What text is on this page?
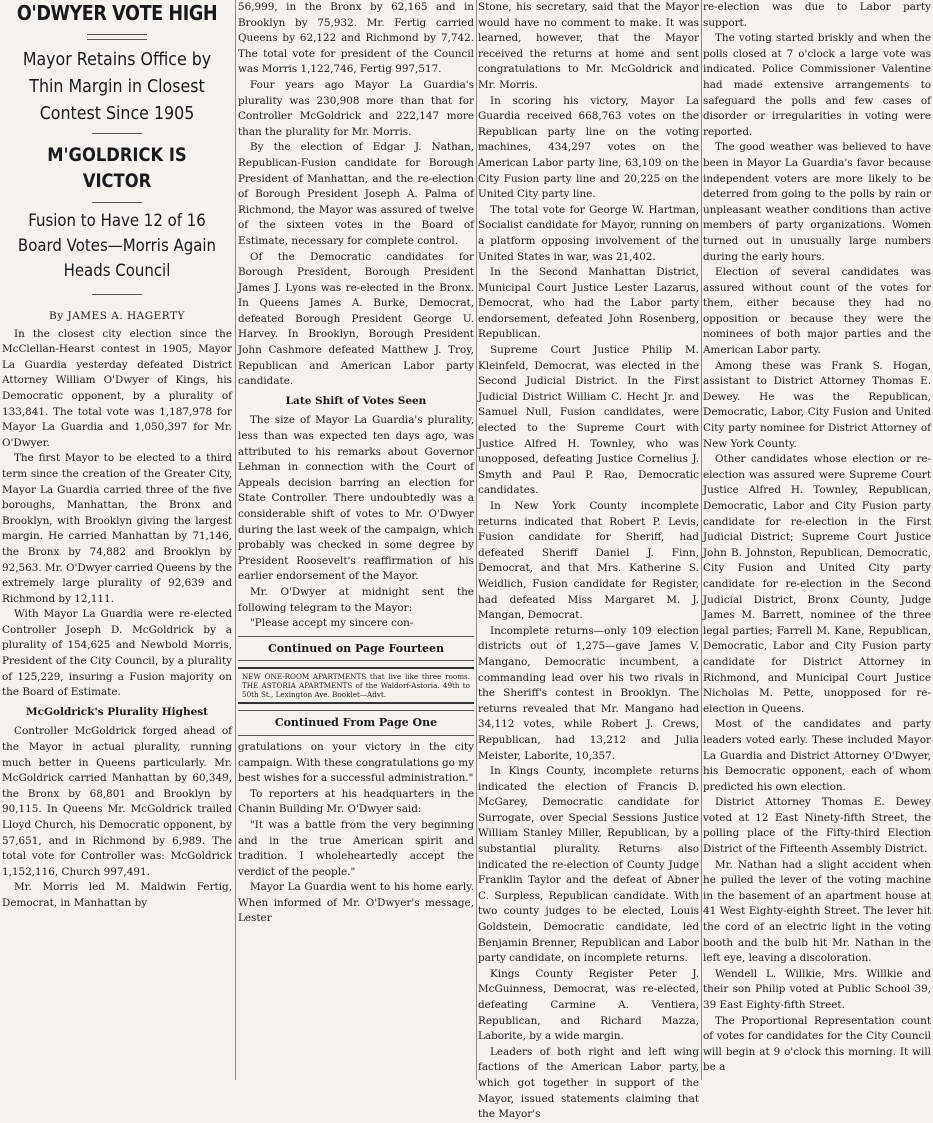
O'DWYER VOTE HIGH
Mayor Retains Office by Thin Margin in Closest Contest Since 1905
M'GOLDRICK IS VICTOR
Fusion to Have 12 of 16 Board Votes—Morris Again Heads Council

By JAMES A. HAGERTY

In the closest city election since the McClellan-Hearst contest in 1905, Mayor La Guardia yesterday defeated District Attorney William O'Dwyer of Kings, his Democratic opponent, by a plurality of 133,841. The total vote was 1,187,978 for Mayor La Guardia and 1,050,397 for Mr. O'Dwyer.

The first Mayor to be elected to a third term since the creation of the Greater City, Mayor La Guardia carried three of the five boroughs, Manhattan, the Bronx and Brooklyn, with Brooklyn giving the largest margin. He carried Manhattan by 71,146, the Bronx by 74,882 and Brooklyn by 92,563. Mr. O'Dwyer carried Queens by the extremely large plurality of 92,639 and Richmond by 12,111.

With Mayor La Guardia were re-elected Controller Joseph D. McGoldrick by a plurality of 154,625 and Newbold Morris, President of the City Council, by a plurality of 125,229, insuring a Fusion majority on the Board of Estimate.

McGoldrick's Plurality Highest

Controller McGoldrick forged ahead of the Mayor in actual plurality, running much better in Queens particularly. Mr. McGoldrick carried Manhattan by 60,349, the Bronx by 68,801 and Brooklyn by 90,115. In Queens Mr. McGoldrick trailed Lloyd Church, his Democratic opponent, by 57,651, and in Richmond by 6,989. The total vote for Controller was: McGoldrick 1,152,116, Church 997,491.

Mr. Morris led M. Maldwin Fertig, Democrat, in Manhattan by

56,999, in the Bronx by 62,165 and in Brooklyn by 75,932. Mr. Fertig carried Queens by 62,122 and Richmond by 7,742. The total vote for president of the Council was Morris 1,122,746, Fertig 997,517.

Four years ago Mayor La Guardia's plurality was 230,908 more than that for Controller McGoldrick and 222,147 more than the plurality for Mr. Morris.

By the election of Edgar J. Nathan, Republican-Fusion candidate for Borough President of Manhattan, and the re-election of Borough President Joseph A. Palma of Richmond, the Mayor was assured of twelve of the sixteen votes in the Board of Estimate, necessary for complete control.

Of the Democratic candidates for Borough President, Borough President James J. Lyons was re-elected in the Bronx. In Queens James A. Burke, Democrat, defeated Borough President George U. Harvey. In Brooklyn, Borough President John Cashmore defeated Matthew J. Troy, Republican and American Labor party candidate.

Late Shift of Votes Seen

The size of Mayor La Guardia's plurality, less than was expected ten days ago, was attributed to his remarks about Governor Lehman in connection with the Court of Appeals decision barring an election for State Controller. There undoubtedly was a considerable shift of votes to Mr. O'Dwyer during the last week of the campaign, which probably was checked in some degree by President Roosevelt's reaffirmation of his earlier endorsement of the Mayor.

Mr. O'Dwyer at midnight sent the following telegram to the Mayor:

"Please accept my sincere con-

Continued on Page Fourteen

NEW ONE-ROOM APARTMENTS that live like three rooms. THE ASTORIA APARTMENTS of the Waldorf-Astoria. 49th to 50th St., Lexington Ave. Booklet—Advt.

Continued From Page One

gratulations on your victory in the city campaign. With these congratulations go my best wishes for a successful administration."

To reporters at his headquarters in the Chanin Building Mr. O'Dwyer said:

"It was a battle from the very beginning and in the true American spirit and tradition. I wholeheartedly accept the verdict of the people."

Mayor La Guardia went to his home early. When informed of Mr. O'Dwyer's message, Lester

Stone, his secretary, said that the Mayor would have no comment to make. It was learned, however, that the Mayor received the returns at home and sent congratulations to Mr. McGoldrick and Mr. Morris.

In scoring his victory, Mayor La Guardia received 668,763 votes on the Republican party line on the voting machines, 434,297 votes on the American Labor party line, 63,109 on the City Fusion party line and 20,225 on the United City party line.

The total vote for George W. Hartman, Socialist candidate for Mayor, running on a platform opposing involvement of the United States in war, was 21,402.

In the Second Manhattan District, Municipal Court Justice Lester Lazarus, Democrat, who had the Labor party endorsement, defeated John Rosenberg, Republican.

Supreme Court Justice Philip M. Kleinfeld, Democrat, was elected in the Second Judicial District. In the First Judicial District William C. Hecht Jr. and Samuel Null, Fusion candidates, were elected to the Supreme Court with Justice Alfred H. Townley, who was unopposed, defeating Justice Cornelius J. Smyth and Paul P. Rao, Democratic candidates.

In New York County incomplete returns indicated that Robert P. Levis, Fusion candidate for Sheriff, had defeated Sheriff Daniel J. Finn, Democrat, and that Mrs. Katherine S. Weidlich, Fusion candidate for Register, had defeated Miss Margaret M. J. Mangan, Democrat.

Incomplete returns—only 109 election districts out of 1,275—gave James V. Mangano, Democratic incumbent, a commanding lead over his two rivals in the Sheriff's contest in Brooklyn. The returns revealed that Mr. Mangano had 34,112 votes, while Robert J. Crews, Republican, had 13,212 and Julia Meister, Laborite, 10,357.

In Kings County, incomplete returns indicated the election of Francis D. McGarey, Democratic candidate for Surrogate, over Special Sessions Justice William Stanley Miller, Republican, by a substantial plurality. Returns also indicated the re-election of County Judge Franklin Taylor and the defeat of Abner C. Surpless, Republican candidate. With two county judges to be elected, Louis Goldstein, Democratic candidate, led Benjamin Brenner, Republican and Labor party candidate, on incomplete returns.

Kings County Register Peter J. McGuinness, Democrat, was re-elected, defeating Carmine A. Ventiera, Republican, and Richard Mazza, Laborite, by a wide margin.

Leaders of both right and left wing factions of the American Labor party, which got together in support of the Mayor, issued statements claiming that the Mayor's

re-election was due to Labor party support.

The voting started briskly and when the polls closed at 7 o'clock a large vote was indicated. Police Commissioner Valentine had made extensive arrangements to safeguard the polls and few cases of disorder or irregularities in voting were reported.

The good weather was believed to have been in Mayor La Guardia's favor because independent voters are more likely to be deterred from going to the polls by rain or unpleasant weather conditions than active members of party organizations. Women turned out in unusually large numbers during the early hours.

Election of several candidates was assured without count of the votes for them, either because they had no opposition or because they were the nominees of both major parties and the American Labor party.

Among these was Frank S. Hogan, assistant to District Attorney Thomas E. Dewey. He was the Republican, Democratic, Labor, City Fusion and United City party nominee for District Attorney of New York County.

Other candidates whose election or re-election was assured were Supreme Court Justice Alfred H. Townley, Republican, Democratic, Labor and City Fusion party candidate for re-election in the First Judicial District; Supreme Court Justice John B. Johnston, Republican, Democratic, City Fusion and United City party candidate for re-election in the Second Judicial District, Bronx County, Judge James M. Barrett, nominee of the three legal parties; Farrell M. Kane, Republican, Democratic, Labor and City Fusion party candidate for District Attorney in Richmond, and Municipal Court Justice Nicholas M. Pette, unopposed for re-election in Queens.

Most of the candidates and party leaders voted early. These included Mayor La Guardia and District Attorney O'Dwyer, his Democratic opponent, each of whom predicted his own election.

District Attorney Thomas E. Dewey voted at 12 East Ninety-fifth Street, the polling place of the Fifty-third Election District of the Fifteenth Assembly District.

Mr. Nathan had a slight accident when he pulled the lever of the voting machine in the basement of an apartment house at 41 West Eighty-eighth Street. The lever hit the cord of an electric light in the voting booth and the bulb hit Mr. Nathan in the left eye, leaving a discoloration.

Wendell L. Willkie, Mrs. Willkie and their son Philip voted at Public School 39, 39 East Eighty-fifth Street.

The Proportional Representation count of votes for candidates for the City Council will begin at 9 o'clock this morning. It will be a
